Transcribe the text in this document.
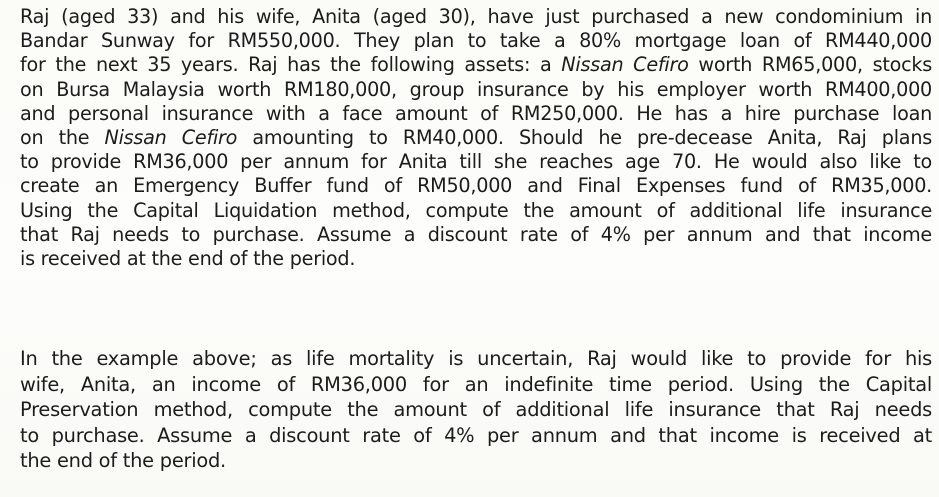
Raj (aged 33) and his wife, Anita (aged 30), have just purchased a new condominium in
Bandar Sunway for RM550,000. They plan to take a 80% mortgage loan of RM440,000
for the next 35 years. Raj has the following assets: a Nissan Cefiro worth RM65,000, stocks
on Bursa Malaysia worth RM180,000, group insurance by his employer worth RM400,000
and personal insurance with a face amount of RM250,000. He has a hire purchase loan
on the Nissan Cefiro amounting to RM40,000. Should he pre-decease Anita, Raj plans
to provide RM36,000 per annum for Anita till she reaches age 70. He would also like to
create an Emergency Buffer fund of RM50,000 and Final Expenses fund of RM35,000.
Using the Capital Liquidation method, compute the amount of additional life insurance
that Raj needs to purchase. Assume a discount rate of 4% per annum and that income
is received at the end of the period.

In the example above; as life mortality is uncertain, Raj would like to provide for his
wife, Anita, an income of RM36,000 for an indefinite time period. Using the Capital
Preservation method, compute the amount of additional life insurance that Raj needs
to purchase. Assume a discount rate of 4% per annum and that income is received at
the end of the period.
